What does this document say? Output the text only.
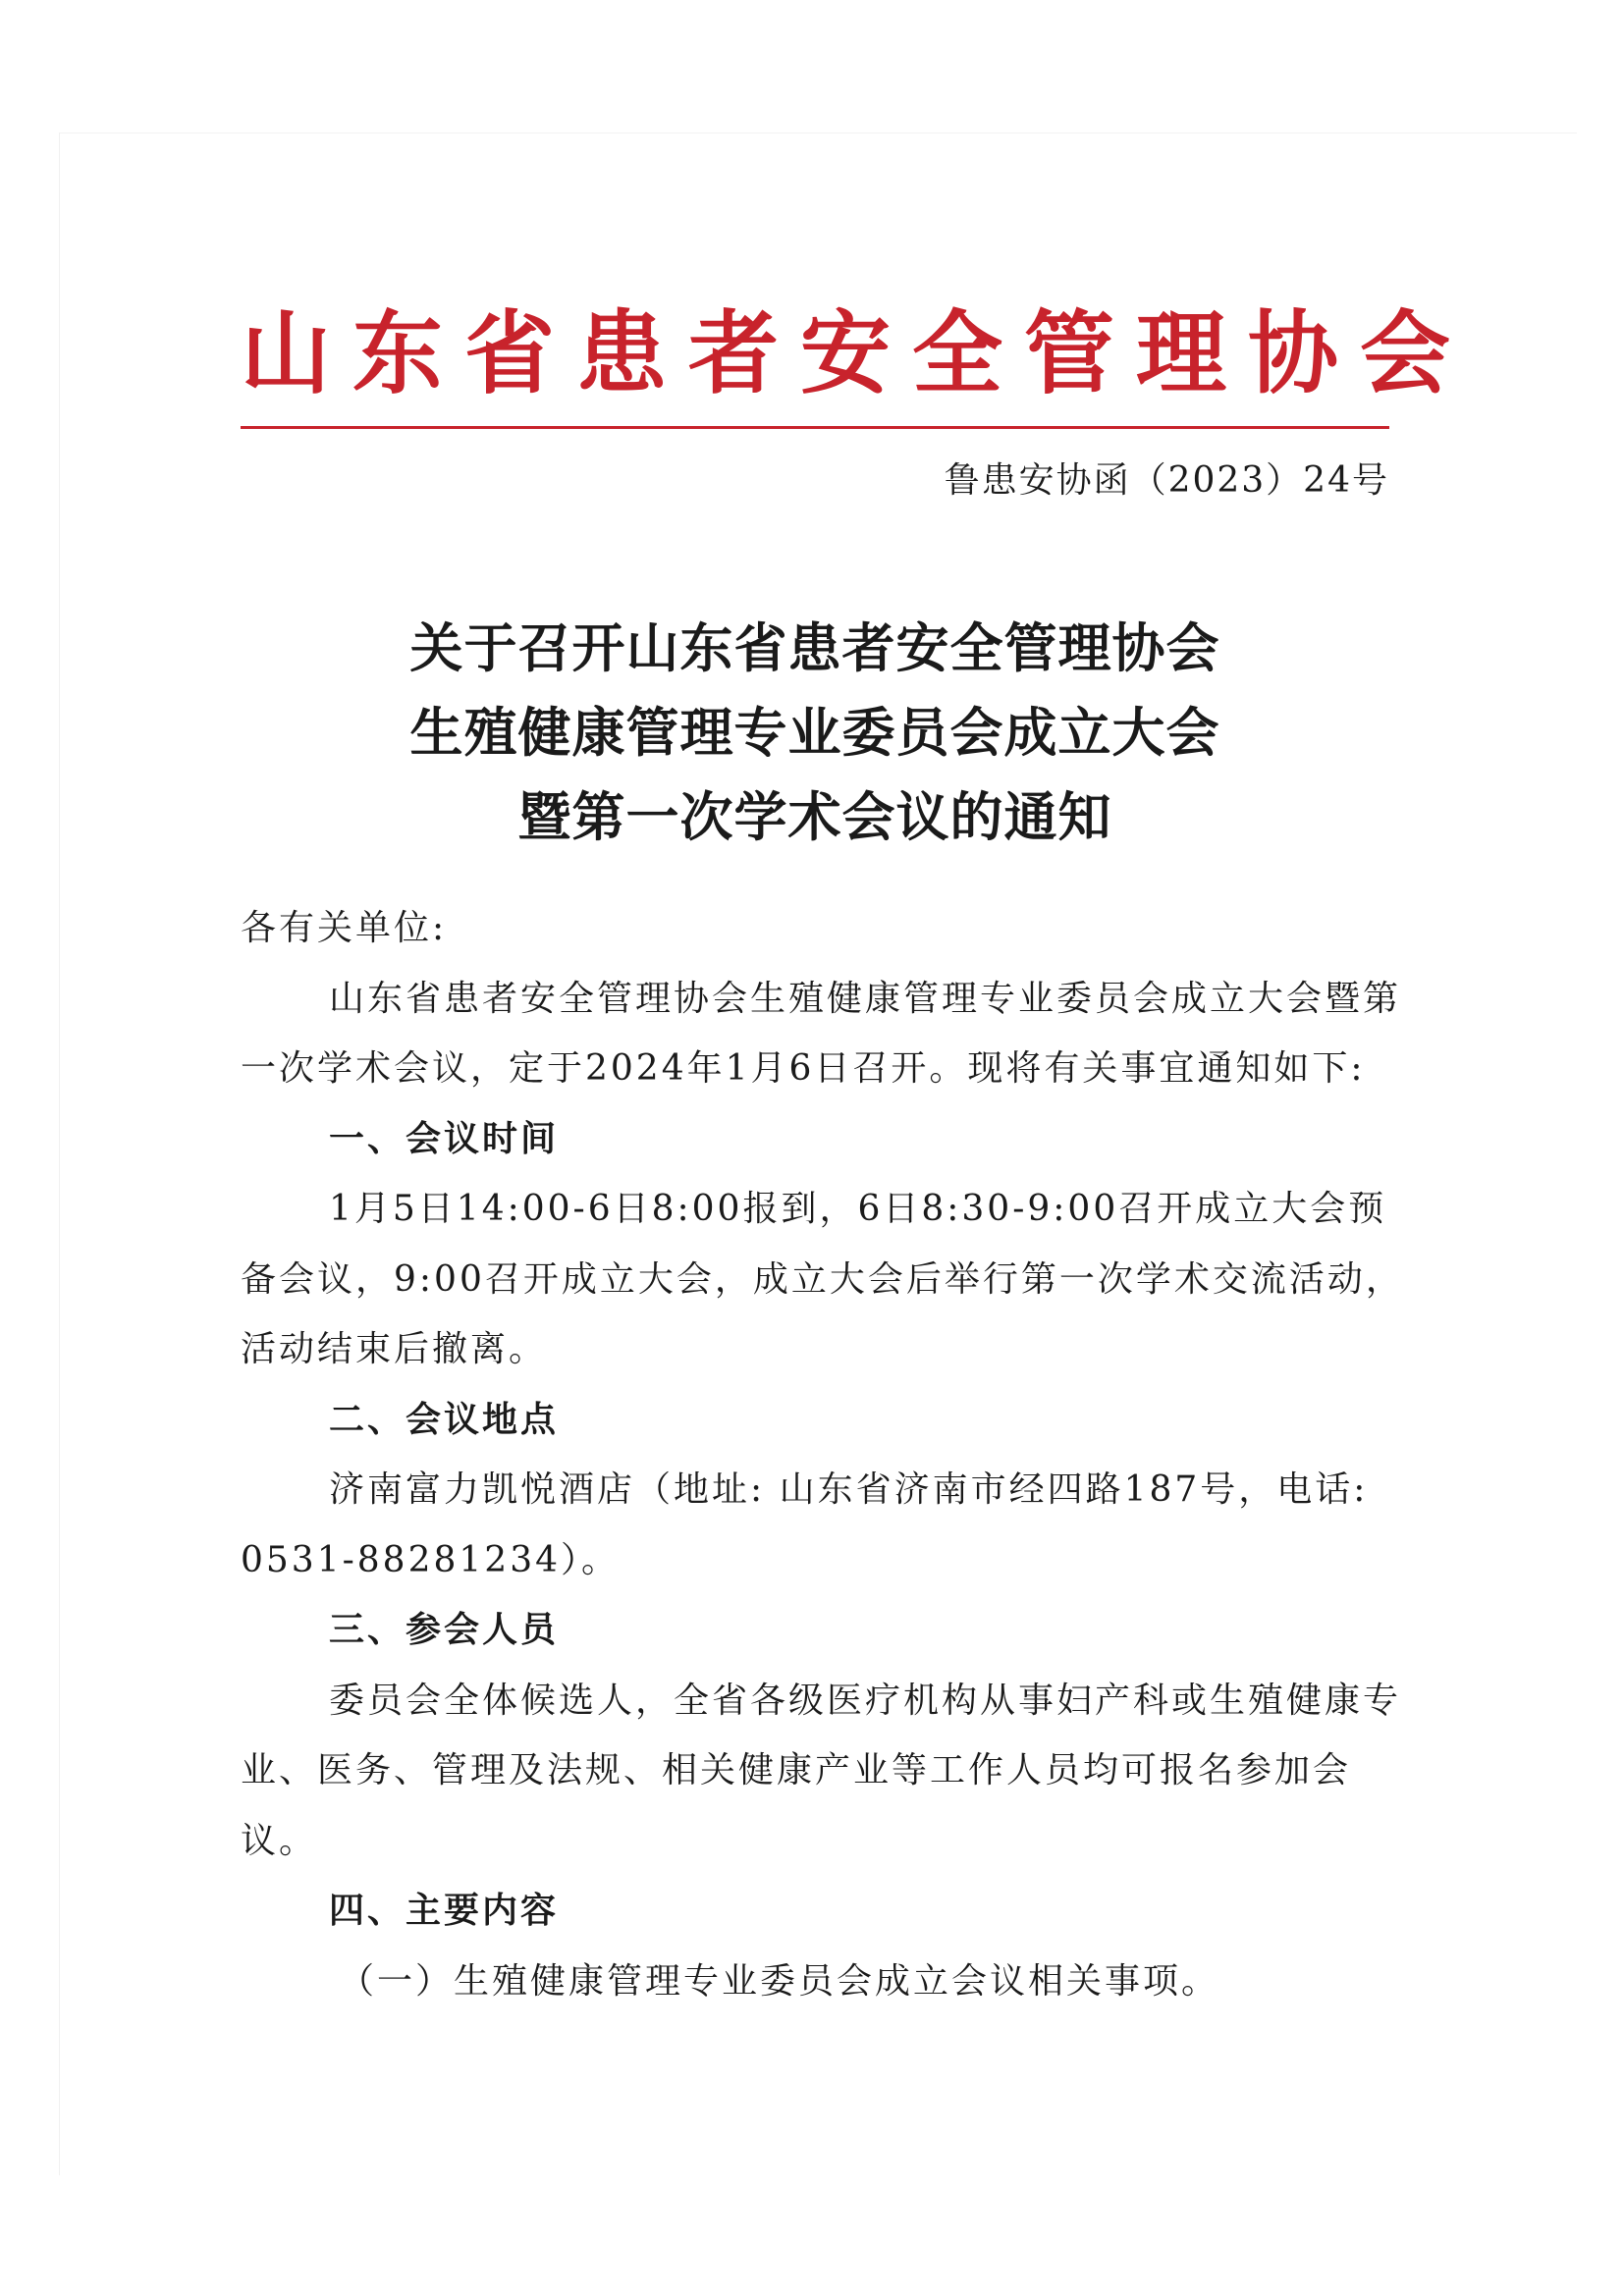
山东省患者安全管理协会
鲁患安协函（2023）24号
关于召开山东省患者安全管理协会
生殖健康管理专业委员会成立大会
暨第一次学术会议的通知

各有关单位:

山东省患者安全管理协会生殖健康管理专业委员会成立大会暨第一次学术会议，定于2024年1月6日召开。现将有关事宜通知如下:

一、会议时间

1月5日14:00-6日8:00报到，6日8:30-9:00召开成立大会预备会议，9:00召开成立大会，成立大会后举行第一次学术交流活动，活动结束后撤离。

二、会议地点

济南富力凯悦酒店（地址: 山东省济南市经四路187号，电话: 0531-88281234）。

三、参会人员

委员会全体候选人，全省各级医疗机构从事妇产科或生殖健康专业、医务、管理及法规、相关健康产业等工作人员均可报名参加会议。

四、主要内容

（一）生殖健康管理专业委员会成立会议相关事项。
